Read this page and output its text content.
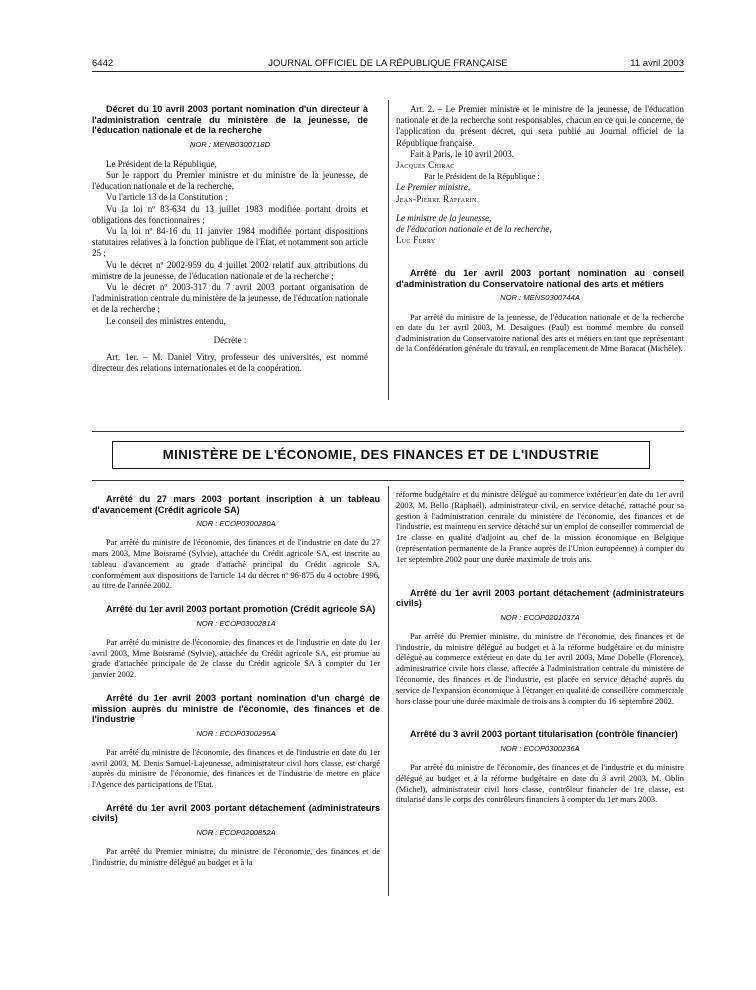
6442	JOURNAL OFFICIEL DE LA RÉPUBLIQUE FRANÇAISE	11 avril 2003

Décret du 10 avril 2003 portant nomination d'un directeur à l'administration centrale du ministère de la jeunesse, de l'éducation nationale et de la recherche

NOR : MENB0300718D

Le Président de la République,

Sur le rapport du Premier ministre et du ministre de la jeunesse, de l'éducation nationale et de la recherche,

Vu l'article 13 de la Constitution ;

Vu la loi nº 83-634 du 13 juillet 1983 modifiée portant droits et obligations des fonctionnaires ;

Vu la loi nº 84-16 du 11 janvier 1984 modifiée portant dispositions statutaires relatives à la fonction publique de l'Etat, et notamment son article 25 ;

Vu le décret nº 2002-959 du 4 juillet 2002 relatif aux attributions du ministre de la jeunesse, de l'éducation nationale et de la recherche ;

Vu le décret nº 2003-317 du 7 avril 2003 portant organisation de l'administration centrale du ministère de la jeunesse, de l'éducation nationale et de la recherche ;

Le conseil des ministres entendu,

Décrète :

Art. 1er. – M. Daniel Vitry, professeur des universités, est nommé directeur des relations internationales et de la coopération.

Art. 2. – Le Premier ministre et le ministre de la jeunesse, de l'éducation nationale et de la recherche sont responsables, chacun en ce qui le concerne, de l'application du présent décret, qui sera publié au Journal officiel de la République française.

Fait à Paris, le 10 avril 2003.

Jacques Chirac

Par le Président de la République :

Le Premier ministre,

Jean-Pierre Raffarin

Le ministre de la jeunesse,

de l'éducation nationale et de la recherche,

Luc Ferry

Arrêté du 1er avril 2003 portant nomination au conseil d'administration du Conservatoire national des arts et métiers

NOR : MENS0300744A

Par arrêté du ministre de la jeunesse, de l'éducation nationale et de la recherche en date du 1er avril 2003, M. Desaigues (Paul) est nommé membre du conseil d'administration du Conservatoire national des arts et métiers en tant que représentant de la Confédération générale du travail, en remplacement de Mme Baracat (Michèle).

MINISTÈRE DE L'ÉCONOMIE, DES FINANCES ET DE L'INDUSTRIE

Arrêté du 27 mars 2003 portant inscription à un tableau d'avancement (Crédit agricole SA)

NOR : ECOP0300280A

Par arrêté du ministre de l'économie, des finances et de l'industrie en date du 27 mars 2003, Mme Boisramé (Sylvie), attachée du Crédit agricole SA, est inscrite au tableau d'avancement au grade d'attaché principal du Crédit agricole SA, conformément aux dispositions de l'article 14 du décret nº 96-875 du 4 octobre 1996, au titre de l'année 2002.

Arrêté du 1er avril 2003 portant promotion (Crédit agricole SA)

NOR : ECOP0300281A

Par arrêté du ministre de l'économie, des finances et de l'industrie en date du 1er avril 2003, Mme Boisramé (Sylvie), attachée du Crédit agricole SA, est promue au grade d'attachée principale de 2e classe du Crédit agricole SA à compter du 1er janvier 2002.

Arrêté du 1er avril 2003 portant nomination d'un chargé de mission auprès du ministre de l'économie, des finances et de l'industrie

NOR : ECOP0300295A

Par arrêté du ministre de l'économie, des finances et de l'industrie en date du 1er avril 2003, M. Denis Samuel-Lajeunesse, administrateur civil hors classe, est chargé auprès du ministre de l'économie, des finances et de l'industrie de mettre en place l'Agence des participations de l'Etat.

Arrêté du 1er avril 2003 portant détachement (administrateurs civils)

NOR : ECOP0200852A

Par arrêté du Premier ministre, du ministre de l'économie, des finances et de l'industrie, du ministre délégué au budget et à la

réforme budgétaire et du ministre délégué au commerce extérieur en date du 1er avril 2003, M. Bello (Raphaël), administrateur civil, en service détaché, rattaché pour sa gestion à l'administration centrale du ministère de l'économie, des finances et de l'industrie, est maintenu en service détaché sur un emploi de conseiller commercial de 1re classe en qualité d'adjoint au chef de la mission économique en Belgique (représentation permanente de la France auprès de l'Union européenne) à compter du 1er septembre 2002 pour une durée maximale de trois ans.

Arrêté du 1er avril 2003 portant détachement (administrateurs civils)

NOR : ECOP0201037A

Par arrêté du Premier ministre, du ministre de l'économie, des finances et de l'industrie, du ministre délégué au budget et à la réforme budgétaire et du ministre délégué au commerce extérieur en date du 1er avril 2003, Mme Dobelle (Florence), administratrice civile hors classe, affectée à l'administration centrale du ministère de l'économie, des finances et de l'industrie, est placée en service détaché auprès du service de l'expansion économique à l'étranger en qualité de conseillère commerciale hors classe pour une durée maximale de trois ans à compter du 16 septembre 2002.

Arrêté du 3 avril 2003 portant titularisation (contrôle financier)

NOR : ECOP0300236A

Par arrêté du ministre de l'économie, des finances et de l'industrie et du ministre délégué au budget et à la réforme budgétaire en date du 3 avril 2003, M. Oblin (Michel), administrateur civil hors classe, contrôleur financier de 1re classe, est titularisé dans le corps des contrôleurs financiers à compter du 1er mars 2003.
